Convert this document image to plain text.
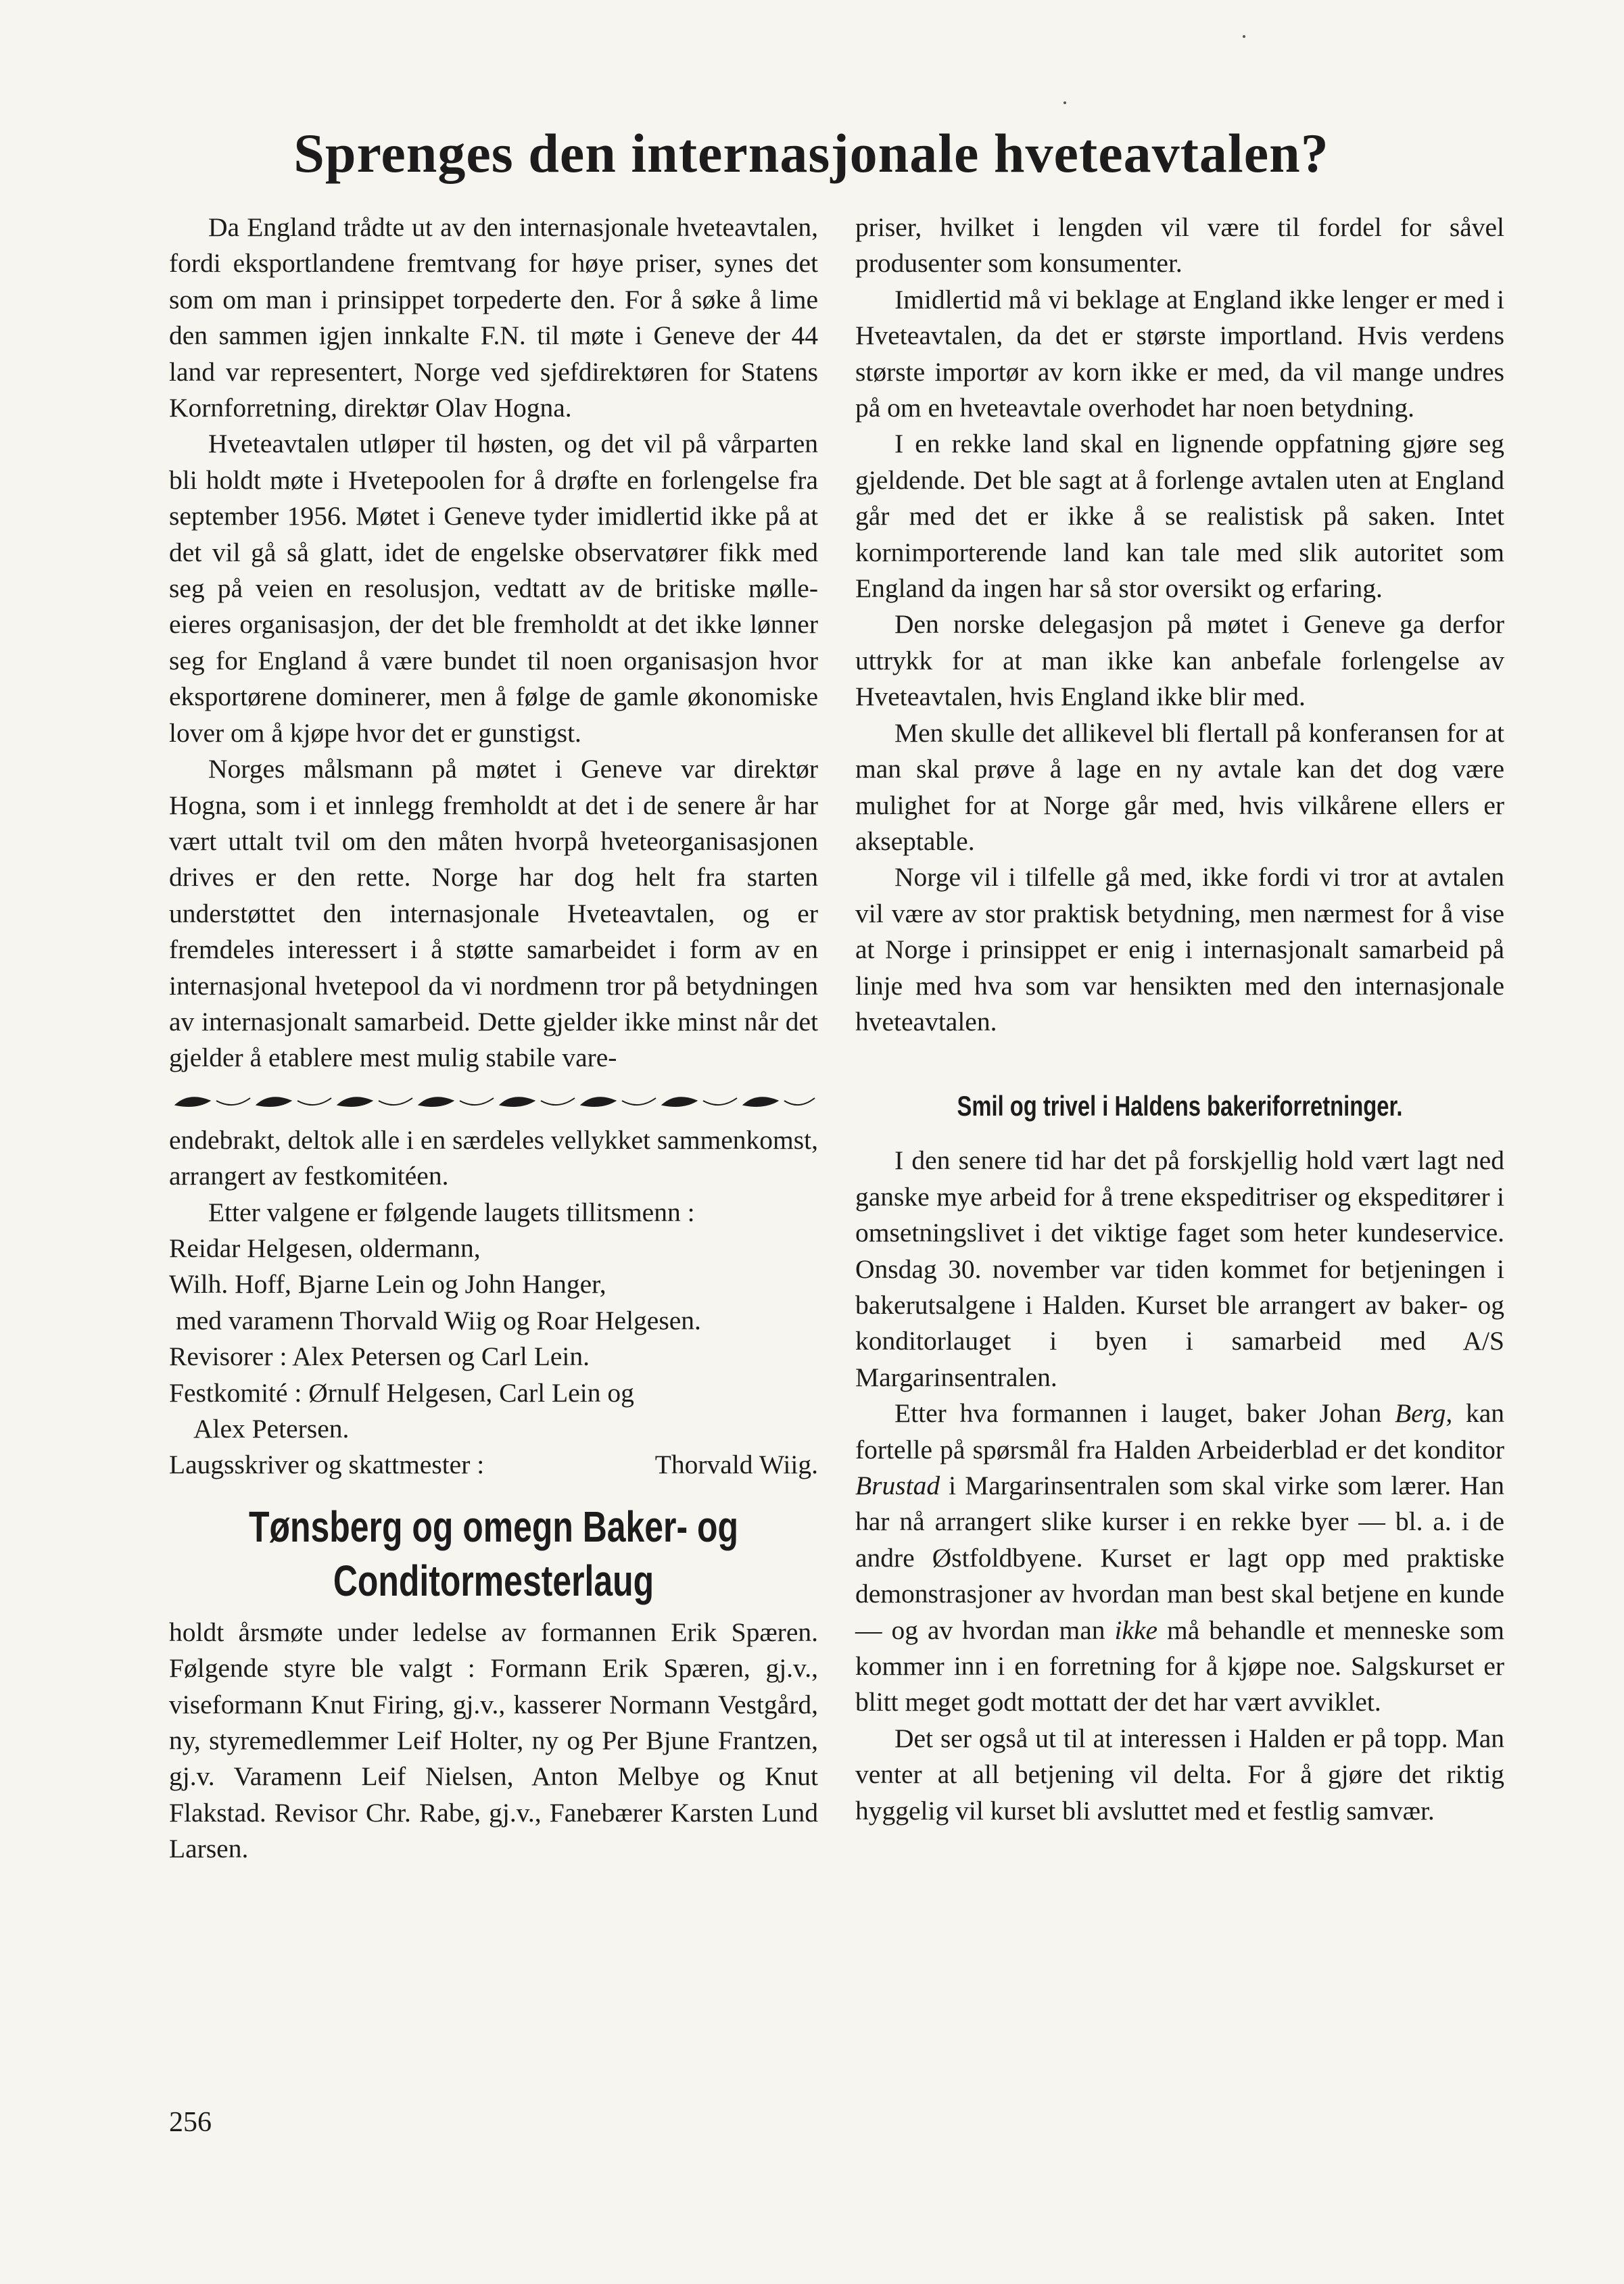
Sprenges den internasjonale hveteavtalen?

Da England trådte ut av den internasjonale hveteavtalen, fordi eksportlandene fremtvang for høye priser, synes det som om man i prinsippet torpederte den. For å søke å lime den sammen igjen innkalte F.N. til møte i Geneve der 44 land var representert, Norge ved sjefdirektøren for Statens Kornforretning, direktør Olav Hogna.

Hveteavtalen utløper til høsten, og det vil på vårparten bli holdt møte i Hvetepoolen for å drøfte en forlengelse fra september 1956. Møtet i Geneve tyder imidlertid ikke på at det vil gå så glatt, idet de engelske observatører fikk med seg på veien en resolusjon, vedtatt av de britiske mølle-eieres organisasjon, der det ble fremholdt at det ikke lønner seg for England å være bundet til noen organisasjon hvor eksportørene dominerer, men å følge de gamle økonomiske lover om å kjøpe hvor det er gunstigst.

Norges målsmann på møtet i Geneve var direktør Hogna, som i et innlegg fremholdt at det i de senere år har vært uttalt tvil om den måten hvorpå hveteorganisasjonen drives er den rette. Norge har dog helt fra starten understøttet den internasjonale Hveteavtalen, og er fremdeles interessert i å støtte samarbeidet i form av en internasjonal hvetepool da vi nordmenn tror på betydningen av internasjonalt samarbeid. Dette gjelder ikke minst når det gjelder å etablere mest mulig stabile vare-

endebrakt, deltok alle i en særdeles vellykket sammenkomst, arrangert av festkomitéen.

Etter valgene er følgende laugets tillitsmenn :

Reidar Helgesen, oldermann,
Wilh. Hoff, Bjarne Lein og John Hanger,
med varamenn Thorvald Wiig og Roar Helgesen.
Revisorer : Alex Petersen og Carl Lein.
Festkomité : Ørnulf Helgesen, Carl Lein og
Alex Petersen.
Laugsskriver og skattmester :	Thorvald Wiig.
Tønsberg og omegn Baker- og
Conditormesterlaug

holdt årsmøte under ledelse av formannen Erik Spæren. Følgende styre ble valgt : Formann Erik Spæren, gj.v., viseformann Knut Firing, gj.v., kasserer Normann Vestgård, ny, styremedlemmer Leif Holter, ny og Per Bjune Frantzen, gj.v. Varamenn Leif Nielsen, Anton Melbye og Knut Flakstad. Revisor Chr. Rabe, gj.v., Fanebærer Karsten Lund Larsen.

priser, hvilket i lengden vil være til fordel for såvel produsenter som konsumenter.

Imidlertid må vi beklage at England ikke lenger er med i Hveteavtalen, da det er største importland. Hvis verdens største importør av korn ikke er med, da vil mange undres på om en hveteavtale overhodet har noen betydning.

I en rekke land skal en lignende oppfatning gjøre seg gjeldende. Det ble sagt at å forlenge avtalen uten at England går med det er ikke å se realistisk på saken. Intet kornimporterende land kan tale med slik autoritet som England da ingen har så stor oversikt og erfaring.

Den norske delegasjon på møtet i Geneve ga derfor uttrykk for at man ikke kan anbefale forlengelse av Hveteavtalen, hvis England ikke blir med.

Men skulle det allikevel bli flertall på konferansen for at man skal prøve å lage en ny avtale kan det dog være mulighet for at Norge går med, hvis vilkårene ellers er akseptable.

Norge vil i tilfelle gå med, ikke fordi vi tror at avtalen vil være av stor praktisk betydning, men nærmest for å vise at Norge i prinsippet er enig i internasjonalt samarbeid på linje med hva som var hensikten med den internasjonale hveteavtalen.

Smil og trivel i Haldens bakeriforretninger.

I den senere tid har det på forskjellig hold vært lagt ned ganske mye arbeid for å trene ekspeditriser og ekspeditører i omsetningslivet i det viktige faget som heter kundeservice. Onsdag 30. november var tiden kommet for betjeningen i bakerutsalgene i Halden. Kurset ble arrangert av baker- og konditorlauget i byen i samarbeid med A/S Margarinsentralen.

Etter hva formannen i lauget, baker Johan Berg, kan fortelle på spørsmål fra Halden Arbeiderblad er det konditor Brustad i Margarinsentralen som skal virke som lærer. Han har nå arrangert slike kurser i en rekke byer — bl. a. i de andre Østfoldbyene. Kurset er lagt opp med praktiske demonstrasjoner av hvordan man best skal betjene en kunde — og av hvordan man ikke må behandle et menneske som kommer inn i en forretning for å kjøpe noe. Salgskurset er blitt meget godt mottatt der det har vært avviklet.

Det ser også ut til at interessen i Halden er på topp. Man venter at all betjening vil delta. For å gjøre det riktig hyggelig vil kurset bli avsluttet med et festlig samvær.

256
